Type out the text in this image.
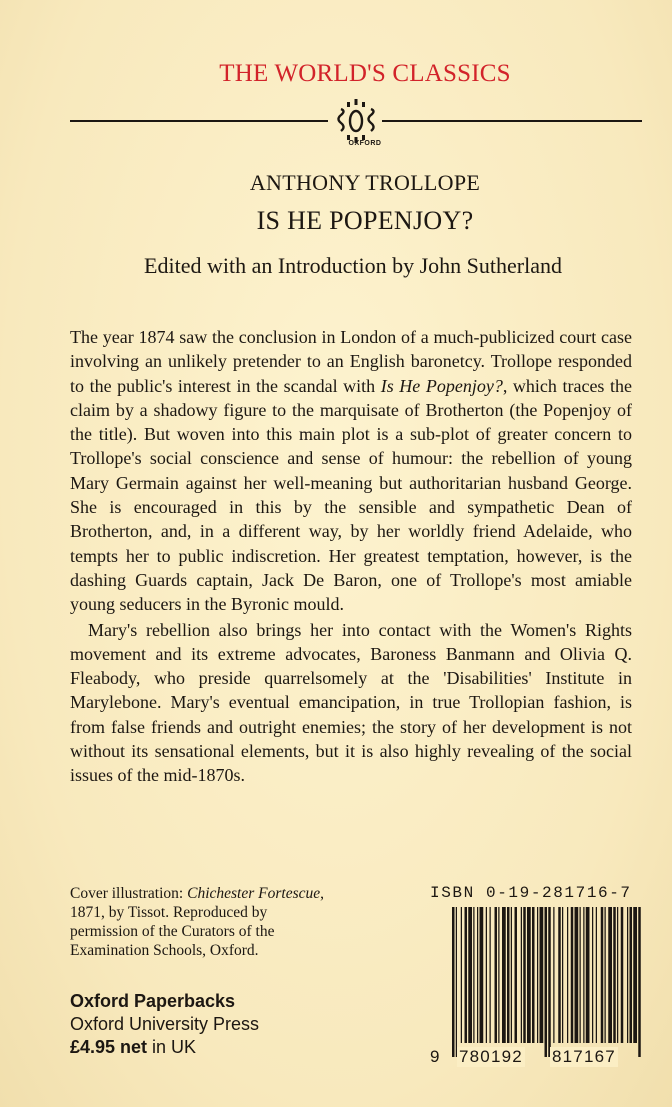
THE WORLD'S CLASSICS
OXFORD
ANTHONY TROLLOPE
IS HE POPENJOY?
Edited with an Introduction by John Sutherland

The year 1874 saw the conclusion in London of a much-publicized court case involving an unlikely pretender to an English baronetcy. Trollope responded to the public's interest in the scandal with Is He Popenjoy?, which traces the claim by a shadowy figure to the marquisate of Brotherton (the Popenjoy of the title). But woven into this main plot is a sub-plot of greater concern to Trollope's social conscience and sense of humour: the rebellion of young Mary Germain against her well-meaning but authoritarian husband George. She is encouraged in this by the sensible and sympathetic Dean of Brotherton, and, in a different way, by her worldly friend Adelaide, who tempts her to public indiscretion. Her greatest temptation, however, is the dashing Guards captain, Jack De Baron, one of Trollope's most amiable young seducers in the Byronic mould.

Mary's rebellion also brings her into contact with the Women's Rights movement and its extreme advocates, Baroness Banmann and Olivia Q. Fleabody, who preside quarrelsomely at the 'Disabilities' Institute in Marylebone. Mary's eventual emancipation, in true Trollopian fashion, is from false friends and outright enemies; the story of her development is not without its sensational elements, but it is also highly revealing of the social issues of the mid-1870s.

Cover illustration: Chichester Fortescue, 1871, by Tissot. Reproduced by permission of the Curators of the Examination Schools, Oxford.
Oxford Paperbacks
Oxford University Press
£4.95 net in UK
ISBN 0-19-281716-7
9 780192 817167
